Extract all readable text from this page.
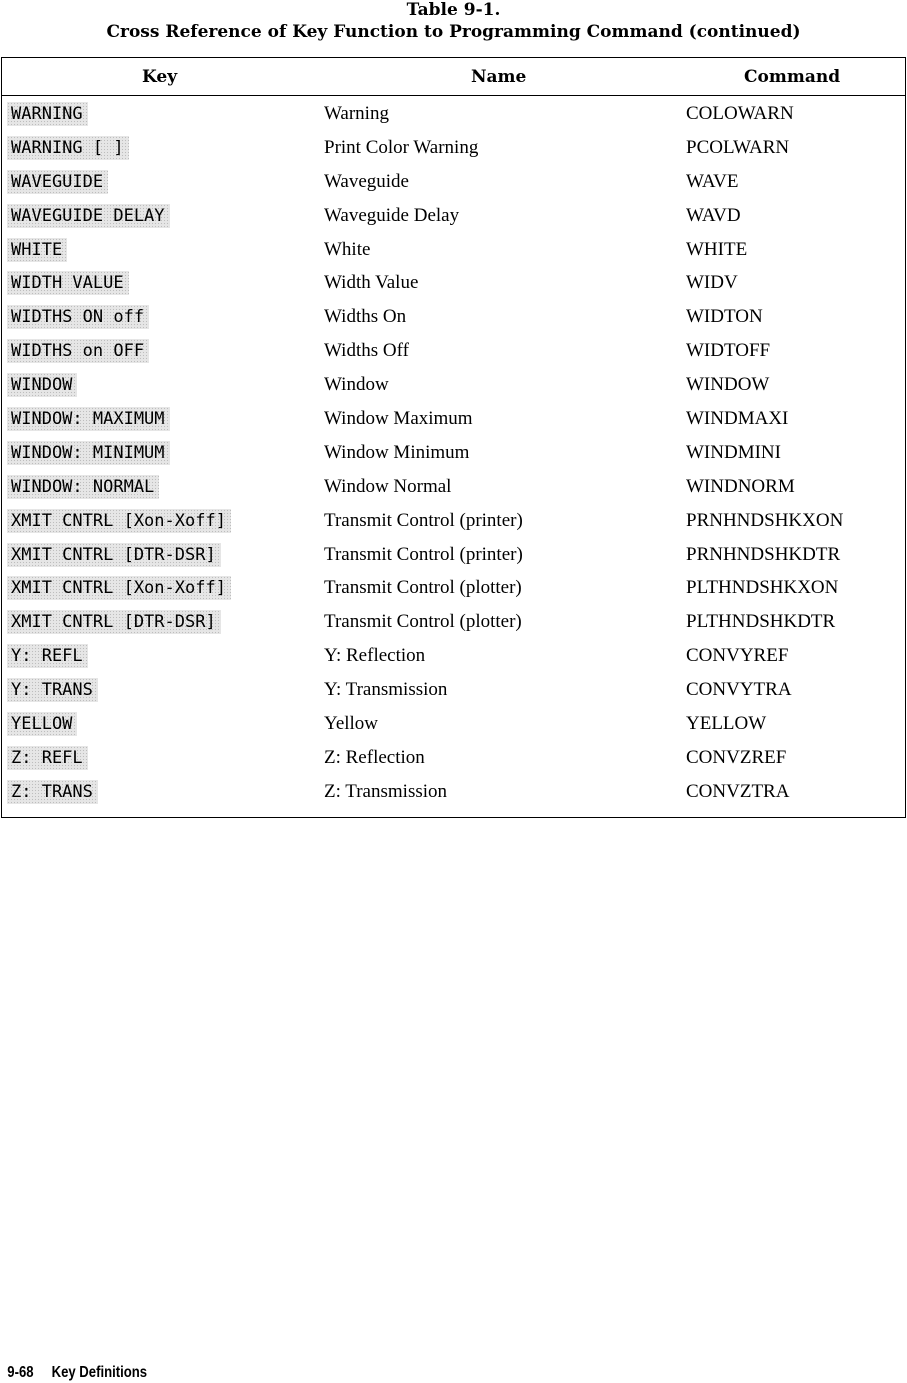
Table 9-1.
Cross Reference of Key Function to Programming Command (continued)
Key	Name	Command
WARNING	Warning	COLOWARN
WARNING [ ]	Print Color Warning	PCOLWARN
WAVEGUIDE	Waveguide	WAVE
WAVEGUIDE DELAY	Waveguide Delay	WAVD
WHITE	White	WHITE
WIDTH VALUE	Width Value	WIDV
WIDTHS ON off	Widths On	WIDTON
WIDTHS on OFF	Widths Off	WIDTOFF
WINDOW	Window	WINDOW
WINDOW: MAXIMUM	Window Maximum	WINDMAXI
WINDOW: MINIMUM	Window Minimum	WINDMINI
WINDOW: NORMAL	Window Normal	WINDNORM
XMIT CNTRL [Xon-Xoff]	Transmit Control (printer)	PRNHNDSHKXON
XMIT CNTRL [DTR-DSR]	Transmit Control (printer)	PRNHNDSHKDTR
XMIT CNTRL [Xon-Xoff]	Transmit Control (plotter)	PLTHNDSHKXON
XMIT CNTRL [DTR-DSR]	Transmit Control (plotter)	PLTHNDSHKDTR
Y: REFL	Y: Reflection	CONVYREF
Y: TRANS	Y: Transmission	CONVYTRA
YELLOW	Yellow	YELLOW
Z: REFL	Z: Reflection	CONVZREF
Z: TRANS	Z: Transmission	CONVZTRA

9-68 Key Definitions
